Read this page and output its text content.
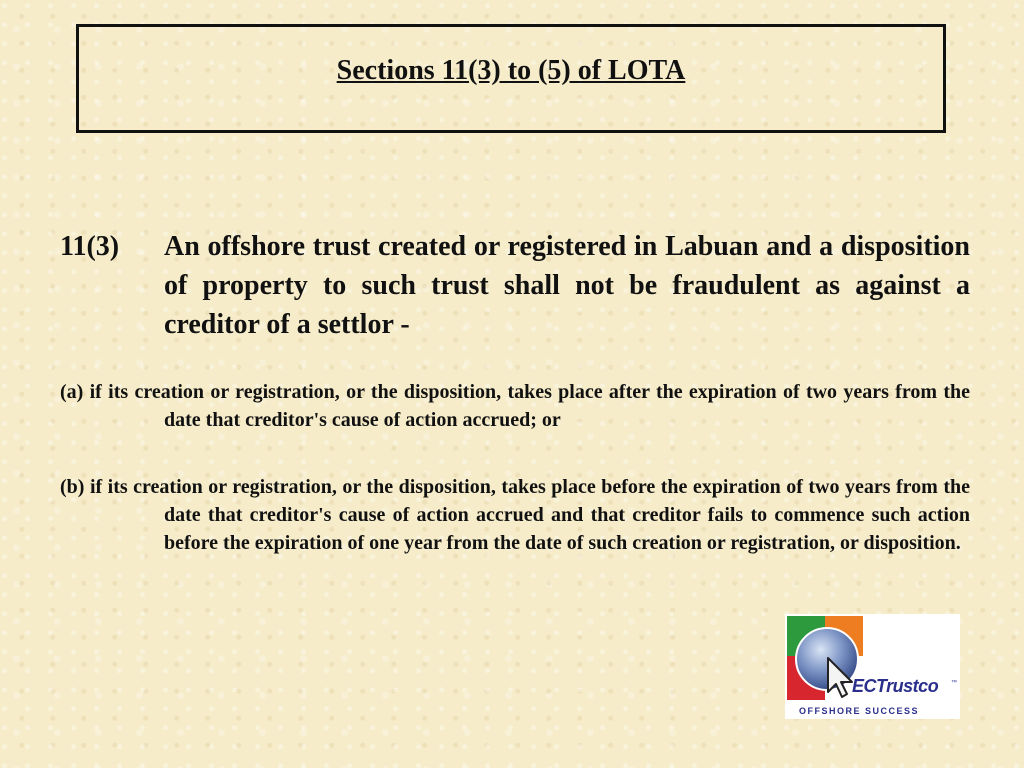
Sections 11(3) to (5) of LOTA
11(3) An offshore trust created or registered in Labuan and a disposition of property to such trust shall not be fraudulent as against a creditor of a settlor -
(a) if its creation or registration, or the disposition, takes place after the expiration of two years from the date that creditor's cause of action accrued; or
(b) if its creation or registration, or the disposition, takes place before the expiration of two years from the date that creditor's cause of action accrued and that creditor fails to commence such action before the expiration of one year from the date of such creation or registration, or disposition.
ECTrustco ™
OFFSHORE SUCCESS
